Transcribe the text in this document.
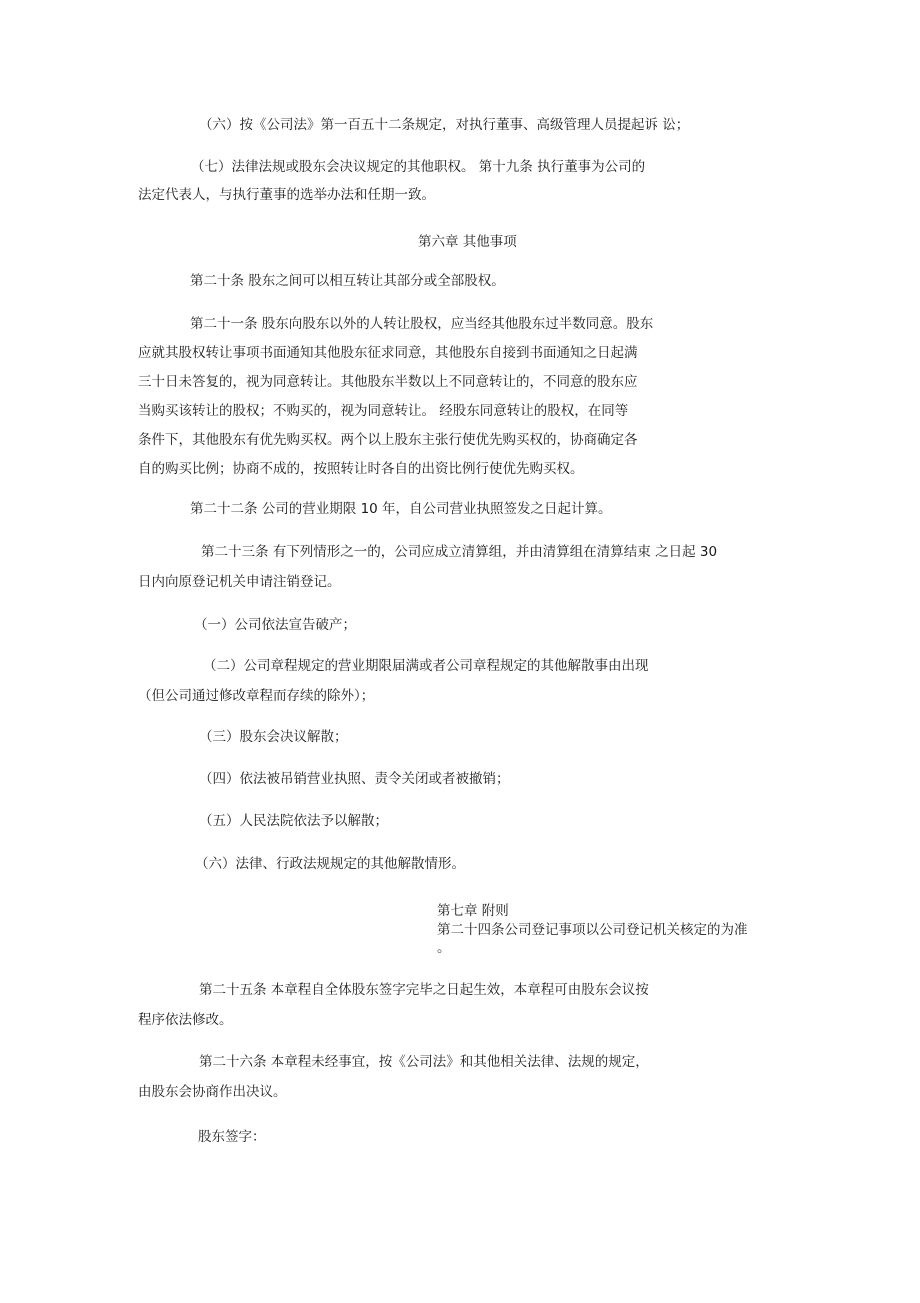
（六）按《公司法》第一百五十二条规定，对执行董事、高级管理人员提起诉 讼；
（七）法律法规或股东会决议规定的其他职权。 第十九条 执行董事为公司的
法定代表人，与执行董事的选举办法和任期一致。
第六章 其他事项
第二十条 股东之间可以相互转让其部分或全部股权。
第二十一条 股东向股东以外的人转让股权，应当经其他股东过半数同意。股东
应就其股权转让事项书面通知其他股东征求同意，其他股东自接到书面通知之日起满
三十日未答复的，视为同意转让。其他股东半数以上不同意转让的，不同意的股东应
当购买该转让的股权；不购买的，视为同意转让。 经股东同意转让的股权，在同等
条件下，其他股东有优先购买权。两个以上股东主张行使优先购买权的，协商确定各
自的购买比例；协商不成的，按照转让时各自的出资比例行使优先购买权。
第二十二条 公司的营业期限 10 年，自公司营业执照签发之日起计算。
第二十三条 有下列情形之一的，公司应成立清算组，并由清算组在清算结束 之日起 30
日内向原登记机关申请注销登记。
（一）公司依法宣告破产；
（二）公司章程规定的营业期限届满或者公司章程规定的其他解散事由出现
（但公司通过修改章程而存续的除外）；
（三）股东会决议解散；
（四）依法被吊销营业执照、责令关闭或者被撤销；
（五）人民法院依法予以解散；
（六）法律、行政法规规定的其他解散情形。
第七章 附则
第二十四条公司登记事项以公司登记机关核定的为准
。
第二十五条 本章程自全体股东签字完毕之日起生效，本章程可由股东会议按
程序依法修改。
第二十六条 本章程未经事宜，按《公司法》和其他相关法律、法规的规定，
由股东会协商作出决议。
股东签字：
